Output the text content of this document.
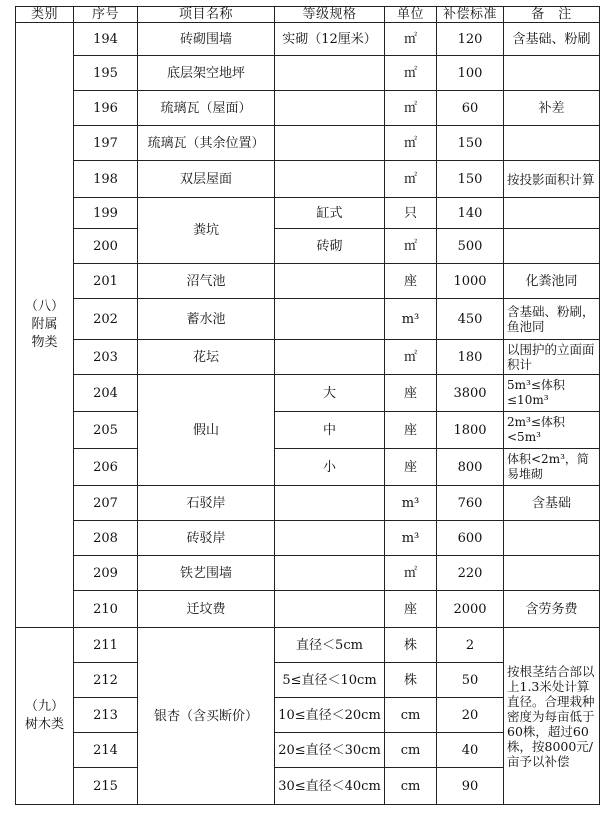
类别	序号	项目名称	等级规格	单位	补偿标准	备　注

（八）
附属
物类	194	砖砌围墙	实砌（12厘米）	㎡	120	含基础、粉刷
	195	底层架空地坪		㎡	100	
	196	琉璃瓦（屋面）		㎡	60	补差
	197	琉璃瓦（其余位置）		㎡	150	
	198	双层屋面		㎡	150	按投影面积计算
	199	粪坑	缸式	只	140	
	200		砖砌	㎡	500	
	201	沼气池		座	1000	化粪池同
	202	蓄水池		m³	450	含基础、粉刷，鱼池同
	203	花坛		㎡	180	以围护的立面面积计
	204	假山	大	座	3800	5m³≤体积≤10m³
	205		中	座	1800	2m³≤体积<5m³
	206		小	座	800	体积<2m³，简易堆砌
	207	石驳岸		m³	760	含基础
	208	砖驳岸		m³	600	
	209	铁艺围墙		㎡	220	
	210	迁坟费		座	2000	含劳务费

（九）
树木类	211	银杏（含买断价）	直径＜5cm	株	2	按根茎结合部以上1.3米处计算直径。合理栽种密度为每亩低于60株，超过60株，按8000元/亩予以补偿
	212		5≤直径＜10cm	株	50	
	213		10≤直径＜20cm	cm	20	
	214		20≤直径＜30cm	cm	40	
	215		30≤直径＜40cm	cm	90	
